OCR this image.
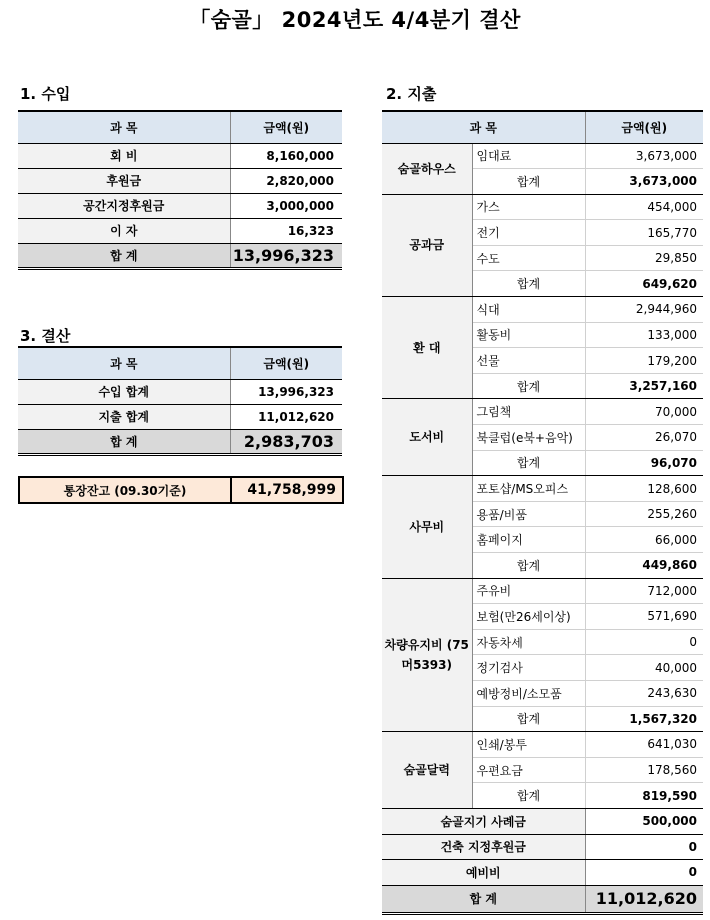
「숨골」 2024년도 4/4분기 결산
1. 수입
과 목	금액(원)
회 비	8,160,000
후원금	2,820,000
공간지정후원금	3,000,000
이 자	16,323
합 계	13,996,323
3. 결산
과 목	금액(원)
수입 합계	13,996,323
지출 합계	11,012,620
합 계	2,983,703
통장잔고 (09.30기준)	41,758,999
2. 지출
과 목		금액(원)
숨골하우스	임대료	3,673,000
	합계	3,673,000
공과금	가스	454,000
	전기	165,770
	수도	29,850
	합계	649,620
환 대	식대	2,944,960
	활동비	133,000
	선물	179,200
	합계	3,257,160
도서비	그림책	70,000
	북클럽(e북+음악)	26,070
	합계	96,070
사무비	포토샵/MS오피스	128,600
	용품/비품	255,260
	홈페이지	66,000
	합계	449,860
차량유지비 (75머5393)	주유비	712,000
	보험(만26세이상)	571,690
	자동차세	0
	정기검사	40,000
	예방정비/소모품	243,630
	합계	1,567,320
숨골달력	인쇄/봉투	641,030
	우편요금	178,560
	합계	819,590
숨골지기 사례금		500,000
건축 지정후원금		0
예비비		0
합 계		11,012,620
